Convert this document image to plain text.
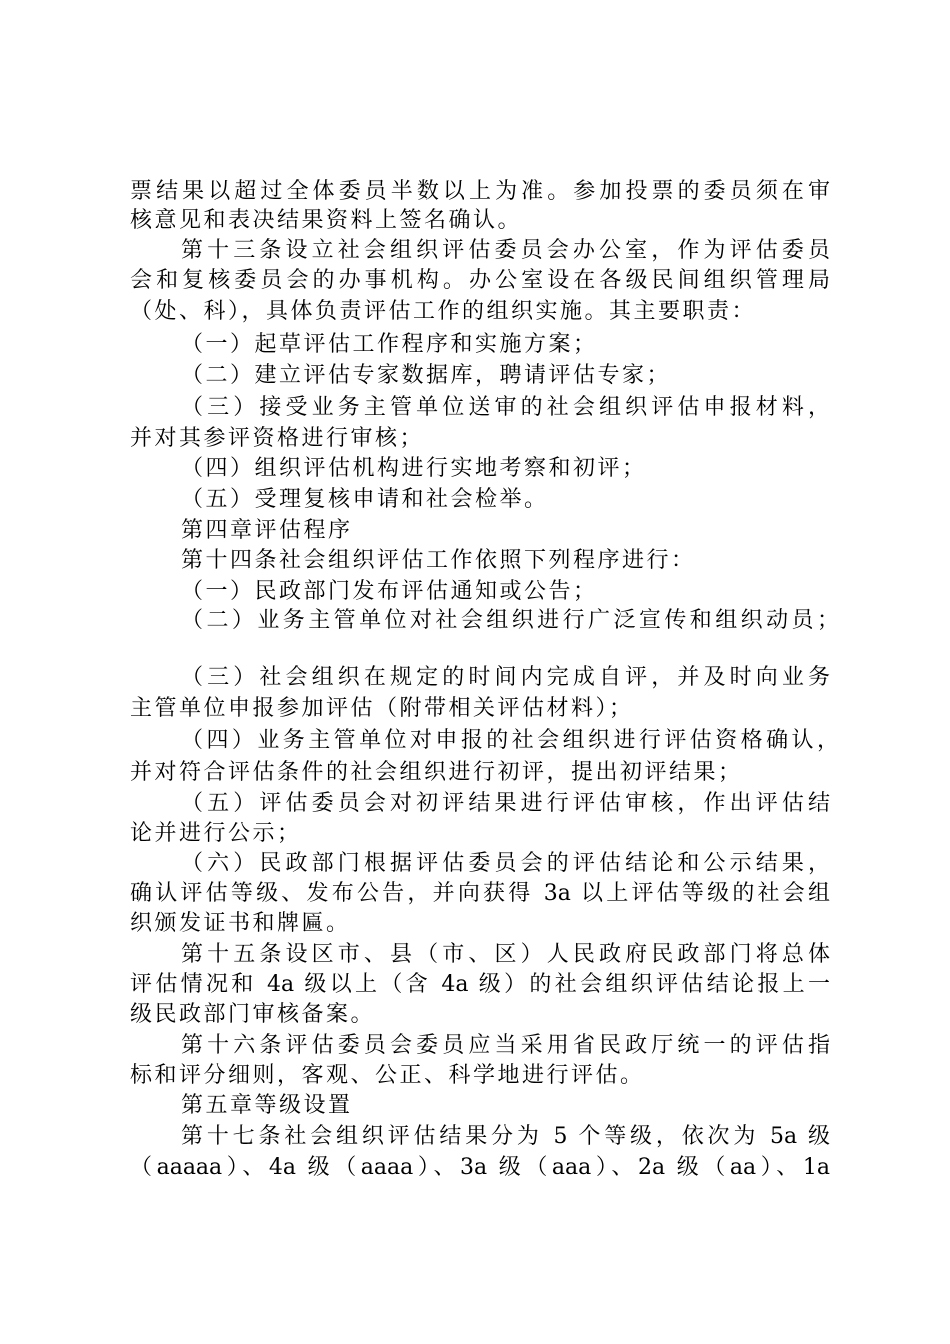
票结果以超过全体委员半数以上为准。参加投票的委员须在审
核意见和表决结果资料上签名确认。
第十三条设立社会组织评估委员会办公室，作为评估委员
会和复核委员会的办事机构。办公室设在各级民间组织管理局
（处、科），具体负责评估工作的组织实施。其主要职责：
（一）起草评估工作程序和实施方案；
（二）建立评估专家数据库，聘请评估专家；
（三）接受业务主管单位送审的社会组织评估申报材料，
并对其参评资格进行审核；
（四）组织评估机构进行实地考察和初评；
（五）受理复核申请和社会检举。
第四章评估程序
第十四条社会组织评估工作依照下列程序进行：
（一）民政部门发布评估通知或公告；
（二）业务主管单位对社会组织进行广泛宣传和组织动员；
（三）社会组织在规定的时间内完成自评，并及时向业务
主管单位申报参加评估（附带相关评估材料）；
（四）业务主管单位对申报的社会组织进行评估资格确认，
并对符合评估条件的社会组织进行初评，提出初评结果；
（五）评估委员会对初评结果进行评估审核，作出评估结
论并进行公示；
（六）民政部门根据评估委员会的评估结论和公示结果，
确认评估等级、发布公告，并向获得 3a 以上评估等级的社会组
织颁发证书和牌匾。
第十五条设区市、县（市、区）人民政府民政部门将总体
评估情况和 4a 级以上（含 4a 级）的社会组织评估结论报上一
级民政部门审核备案。
第十六条评估委员会委员应当采用省民政厅统一的评估指
标和评分细则，客观、公正、科学地进行评估。
第五章等级设置
第十七条社会组织评估结果分为 5 个等级，依次为 5a 级
（aaaaa）、4a 级（aaaa）、3a 级（aaa）、2a 级（aa）、1a
